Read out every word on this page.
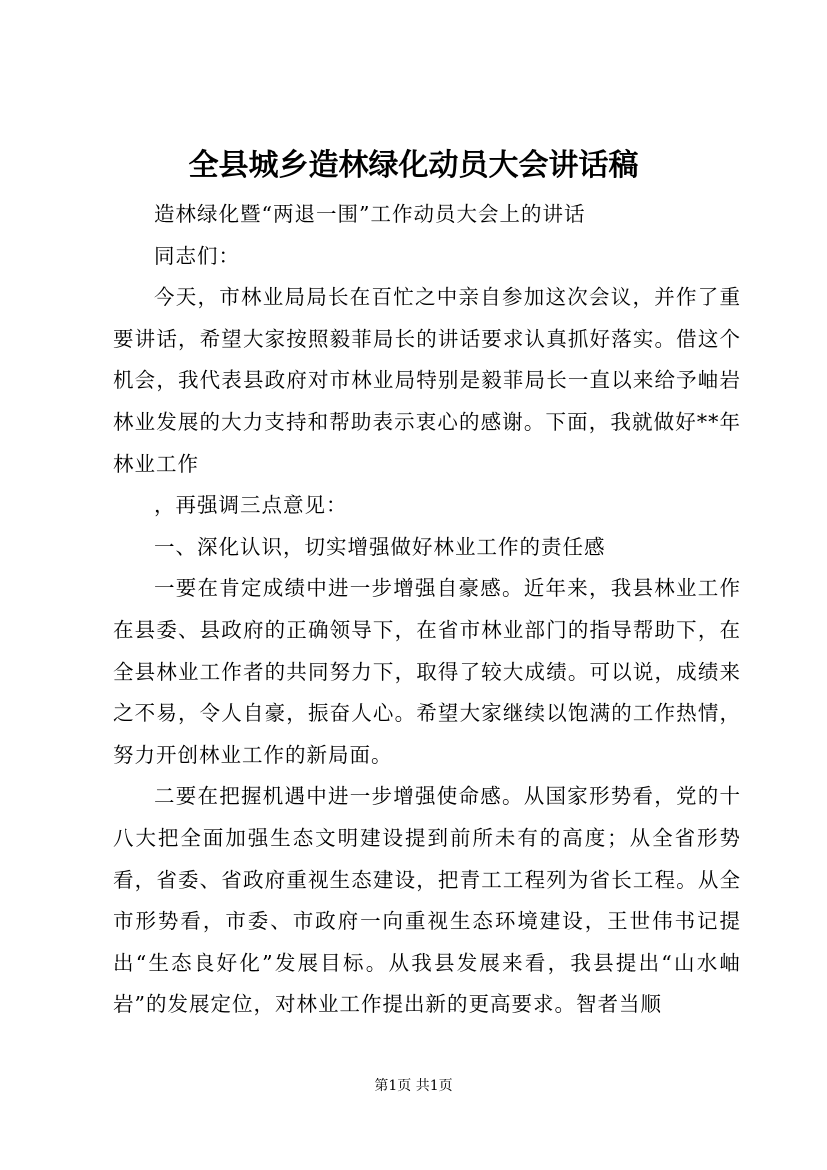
全县城乡造林绿化动员大会讲话稿

造林绿化暨“两退一围”工作动员大会上的讲话

同志们：

今天，市林业局局长在百忙之中亲自参加这次会议，并作了重要讲话，希望大家按照毅菲局长的讲话要求认真抓好落实。借这个机会，我代表县政府对市林业局特别是毅菲局长一直以来给予岫岩林业发展的大力支持和帮助表示衷心的感谢。下面，我就做好**年林业工作

，再强调三点意见：

一、深化认识，切实增强做好林业工作的责任感

一要在肯定成绩中进一步增强自豪感。近年来，我县林业工作在县委、县政府的正确领导下，在省市林业部门的指导帮助下，在全县林业工作者的共同努力下，取得了较大成绩。可以说，成绩来之不易，令人自豪，振奋人心。希望大家继续以饱满的工作热情，努力开创林业工作的新局面。

二要在把握机遇中进一步增强使命感。从国家形势看，党的十八大把全面加强生态文明建设提到前所未有的高度；从全省形势看，省委、省政府重视生态建设，把青工工程列为省长工程。从全市形势看，市委、市政府一向重视生态环境建设，王世伟书记提出“生态良好化”发展目标。从我县发展来看，我县提出“山水岫岩”的发展定位，对林业工作提出新的更高要求。智者当顺

第1页 共1页
